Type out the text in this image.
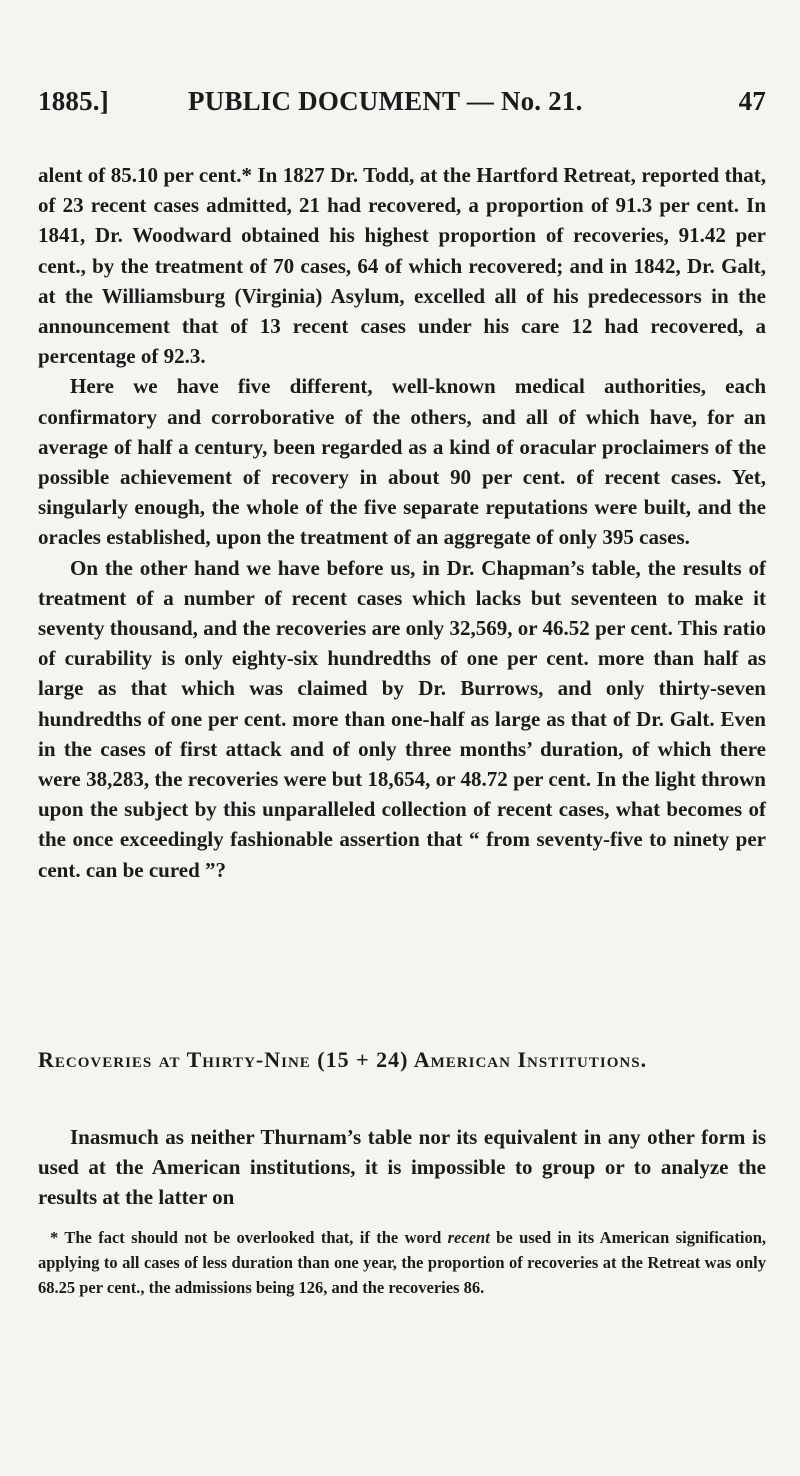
1885.]	PUBLIC DOCUMENT — No. 21.	47

alent of 85.10 per cent.* In 1827 Dr. Todd, at the Hartford Retreat, reported that, of 23 recent cases admitted, 21 had recovered, a proportion of 91.3 per cent. In 1841, Dr. Woodward obtained his highest proportion of recoveries, 91.42 per cent., by the treatment of 70 cases, 64 of which recovered; and in 1842, Dr. Galt, at the Williamsburg (Virginia) Asylum, excelled all of his predecessors in the announcement that of 13 recent cases under his care 12 had recovered, a percentage of 92.3.

Here we have five different, well-known medical authorities, each confirmatory and corroborative of the others, and all of which have, for an average of half a century, been regarded as a kind of oracular proclaimers of the possible achievement of recovery in about 90 per cent. of recent cases. Yet, singularly enough, the whole of the five separate reputations were built, and the oracles established, upon the treatment of an aggregate of only 395 cases.

On the other hand we have before us, in Dr. Chapman’s table, the results of treatment of a number of recent cases which lacks but seventeen to make it seventy thousand, and the recoveries are only 32,569, or 46.52 per cent. This ratio of curability is only eighty-six hundredths of one per cent. more than half as large as that which was claimed by Dr. Burrows, and only thirty-seven hundredths of one per cent. more than one-half as large as that of Dr. Galt. Even in the cases of first attack and of only three months’ duration, of which there were 38,283, the recoveries were but 18,654, or 48.72 per cent. In the light thrown upon the subject by this unparalleled collection of recent cases, what becomes of the once exceedingly fashionable assertion that “ from seventy-five to ninety per cent. can be cured ”?

Recoveries at Thirty-Nine (15 + 24) American Institutions.

Inasmuch as neither Thurnam’s table nor its equivalent in any other form is used at the American institutions, it is impossible to group or to analyze the results at the latter on

* The fact should not be overlooked that, if the word recent be used in its American signification, applying to all cases of less duration than one year, the proportion of recoveries at the Retreat was only 68.25 per cent., the admissions being 126, and the recoveries 86.
